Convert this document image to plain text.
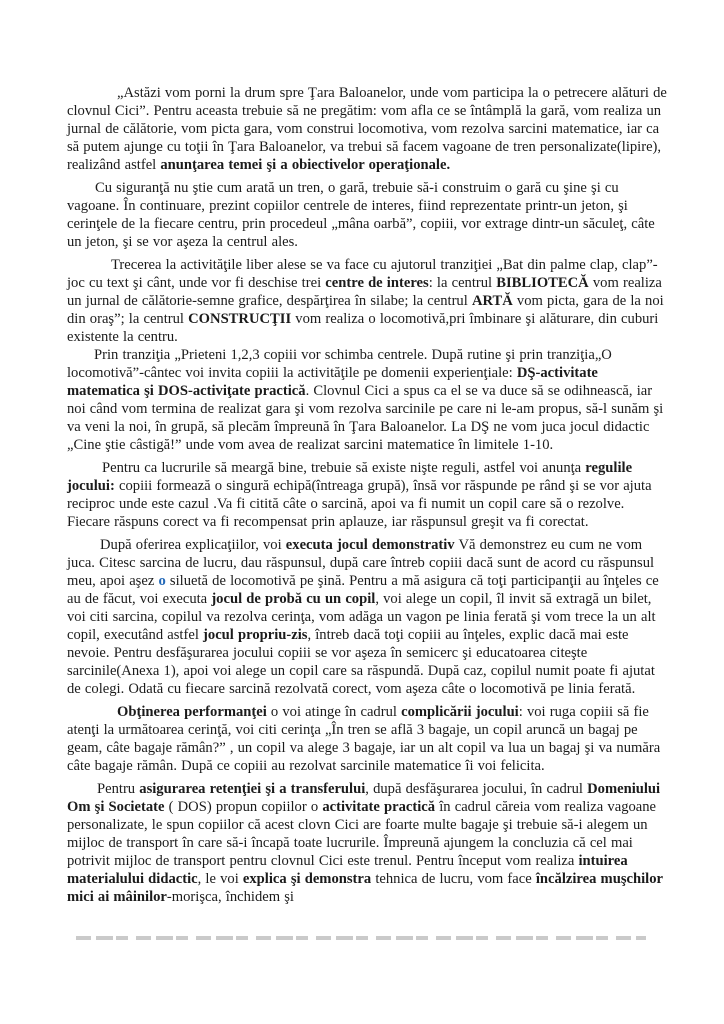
„Astăzi vom porni la drum spre Ţara Baloanelor, unde vom participa la o petrecere alături de clovnul Cici”. Pentru aceasta trebuie să ne pregătim: vom afla ce se întâmplă la gară, vom realiza un jurnal de călătorie, vom picta gara, vom construi locomotiva, vom rezolva sarcini matematice, iar ca să putem ajunge cu toţii în Ţara Baloanelor, va trebui să facem vagoane de tren personalizate(lipire), realizând astfel anunţarea temei şi a obiectivelor operaţionale.

Cu siguranţă nu ştie cum arată un tren, o gară, trebuie să-i construim o gară cu şine şi cu vagoane. În continuare, prezint copiilor centrele de interes, fiind reprezentate printr-un jeton, şi cerinţele de la fiecare centru, prin procedeul „mâna oarbă”, copiii, vor extrage dintr-un săculeţ, câte un jeton, şi se vor aşeza la centrul ales.

Trecerea la activităţile liber alese se va face cu ajutorul tranziţiei „Bat din palme clap, clap”- joc cu text şi cânt, unde vor fi deschise trei centre de interes: la centrul BIBLIOTECĂ vom realiza un jurnal de călătorie-semne grafice, despărţirea în silabe; la centrul ARTĂ vom picta, gara de la noi din oraş”; la centrul CONSTRUCŢII vom realiza o locomotivă,pri îmbinare şi alăturare, din cuburi existente la centru.

Prin tranziţia „Prieteni 1,2,3 copiii vor schimba centrele. După rutine şi prin tranziţia„O locomotivă”-cântec voi invita copiii la activităţile pe domenii experienţiale: DŞ-activitate matematica şi DOS-activiţate practică. Clovnul Cici a spus ca el se va duce să se odihnească, iar noi când vom termina de realizat gara şi vom rezolva sarcinile pe care ni le-am propus, să-l sunăm şi va veni la noi, în grupă, să plecăm împreună în Ţara Baloanelor. La DŞ ne vom juca jocul didactic „Cine ştie câstigă!” unde vom avea de realizat sarcini matematice în limitele 1-10.

Pentru ca lucrurile să meargă bine, trebuie să existe nişte reguli, astfel voi anunţa regulile jocului: copiii formează o singură echipă(întreaga grupă), însă vor răspunde pe rând şi se vor ajuta reciproc unde este cazul .Va fi citită câte o sarcină, apoi va fi numit un copil care să o rezolve. Fiecare răspuns corect va fi recompensat prin aplauze, iar răspunsul greşit va fi corectat.

După oferirea explicaţiilor, voi executa jocul demonstrativ Vă demonstrez eu cum ne vom juca. Citesc sarcina de lucru, dau răspunsul, după care întreb copiii dacă sunt de acord cu răspunsul meu, apoi aşez o siluetă de locomotivă pe şină. Pentru a mă asigura că toţi participanţii au înţeles ce au de făcut, voi executa jocul de probă cu un copil, voi alege un copil, îl invit să extragă un bilet, voi citi sarcina, copilul va rezolva cerinţa, vom adăga un vagon pe linia ferată şi vom trece la un alt copil, executând astfel jocul propriu-zis, întreb dacă toţi copiii au înţeles, explic dacă mai este nevoie. Pentru desfăşurarea jocului copiii se vor aşeza în semicerc şi educatoarea citeşte sarcinile(Anexa 1), apoi voi alege un copil care sa răspundă. După caz, copilul numit poate fi ajutat de colegi. Odată cu fiecare sarcină rezolvată corect, vom aşeza câte o locomotivă pe linia ferată.

Obţinerea performanţei o voi atinge în cadrul complicării jocului: voi ruga copiii să fie atenţi la următoarea cerinţă, voi citi cerinţa „În tren se află 3 bagaje, un copil aruncă un bagaj pe geam, câte bagaje rămân?” , un copil va alege 3 bagaje, iar un alt copil va lua un bagaj şi va număra câte bagaje rămân. După ce copiii au rezolvat sarcinile matematice îi voi felicita.

Pentru asigurarea retenţiei şi a transferului, după desfăşurarea jocului, în cadrul Domeniului Om şi Societate ( DOS) propun copiilor o activitate practică în cadrul căreia vom realiza vagoane personalizate, le spun copiilor că acest clovn Cici are foarte multe bagaje şi trebuie să-i alegem un mijloc de transport în care să-i încapă toate lucrurile. Împreună ajungem la concluzia că cel mai potrivit mijloc de transport pentru clovnul Cici este trenul. Pentru început vom realiza intuirea materialului didactic, le voi explica şi demonstra tehnica de lucru, vom face încălzirea muşchilor mici ai mâinilor-morişca, închidem şi
